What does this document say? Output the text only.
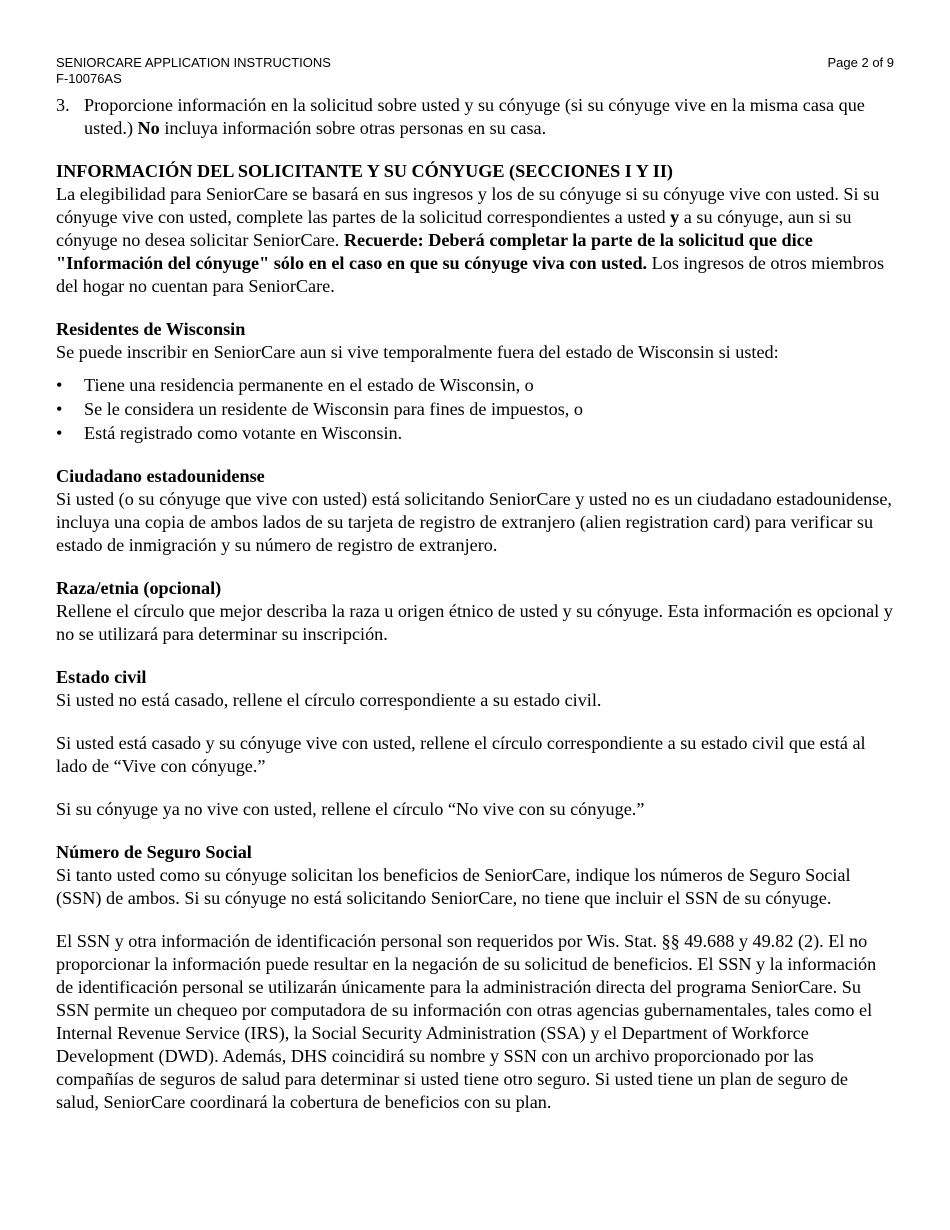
SENIORCARE APPLICATION INSTRUCTIONS
F-10076AS
Page 2 of 9
3. Proporcione información en la solicitud sobre usted y su cónyuge (si su cónyuge vive en la misma casa que usted.) No incluya información sobre otras personas en su casa.
INFORMACIÓN DEL SOLICITANTE Y SU CÓNYUGE (SECCIONES I Y II)

La elegibilidad para SeniorCare se basará en sus ingresos y los de su cónyuge si su cónyuge vive con usted. Si su cónyuge vive con usted, complete las partes de la solicitud correspondientes a usted y a su cónyuge, aun si su cónyuge no desea solicitar SeniorCare. Recuerde: Deberá completar la parte de la solicitud que dice "Información del cónyuge" sólo en el caso en que su cónyuge viva con usted. Los ingresos de otros miembros del hogar no cuentan para SeniorCare.

Residentes de Wisconsin

Se puede inscribir en SeniorCare aun si vive temporalmente fuera del estado de Wisconsin si usted:

•	Tiene una residencia permanente en el estado de Wisconsin, o
•	Se le considera un residente de Wisconsin para fines de impuestos, o
•	Está registrado como votante en Wisconsin.
Ciudadano estadounidense

Si usted (o su cónyuge que vive con usted) está solicitando SeniorCare y usted no es un ciudadano estadounidense, incluya una copia de ambos lados de su tarjeta de registro de extranjero (alien registration card) para verificar su estado de inmigración y su número de registro de extranjero.

Raza/etnia (opcional)

Rellene el círculo que mejor describa la raza u origen étnico de usted y su cónyuge. Esta información es opcional y no se utilizará para determinar su inscripción.

Estado civil

Si usted no está casado, rellene el círculo correspondiente a su estado civil.

Si usted está casado y su cónyuge vive con usted, rellene el círculo correspondiente a su estado civil que está al lado de “Vive con cónyuge.”

Si su cónyuge ya no vive con usted, rellene el círculo “No vive con su cónyuge.”

Número de Seguro Social

Si tanto usted como su cónyuge solicitan los beneficios de SeniorCare, indique los números de Seguro Social (SSN) de ambos. Si su cónyuge no está solicitando SeniorCare, no tiene que incluir el SSN de su cónyuge.

El SSN y otra información de identificación personal son requeridos por Wis. Stat. §§ 49.688 y 49.82 (2). El no proporcionar la información puede resultar en la negación de su solicitud de beneficios. El SSN y la información de identificación personal se utilizarán únicamente para la administración directa del programa SeniorCare. Su SSN permite un chequeo por computadora de su información con otras agencias gubernamentales, tales como el Internal Revenue Service (IRS), la Social Security Administration (SSA) y el Department of Workforce Development (DWD). Además, DHS coincidirá su nombre y SSN con un archivo proporcionado por las compañías de seguros de salud para determinar si usted tiene otro seguro. Si usted tiene un plan de seguro de salud, SeniorCare coordinará la cobertura de beneficios con su plan.
